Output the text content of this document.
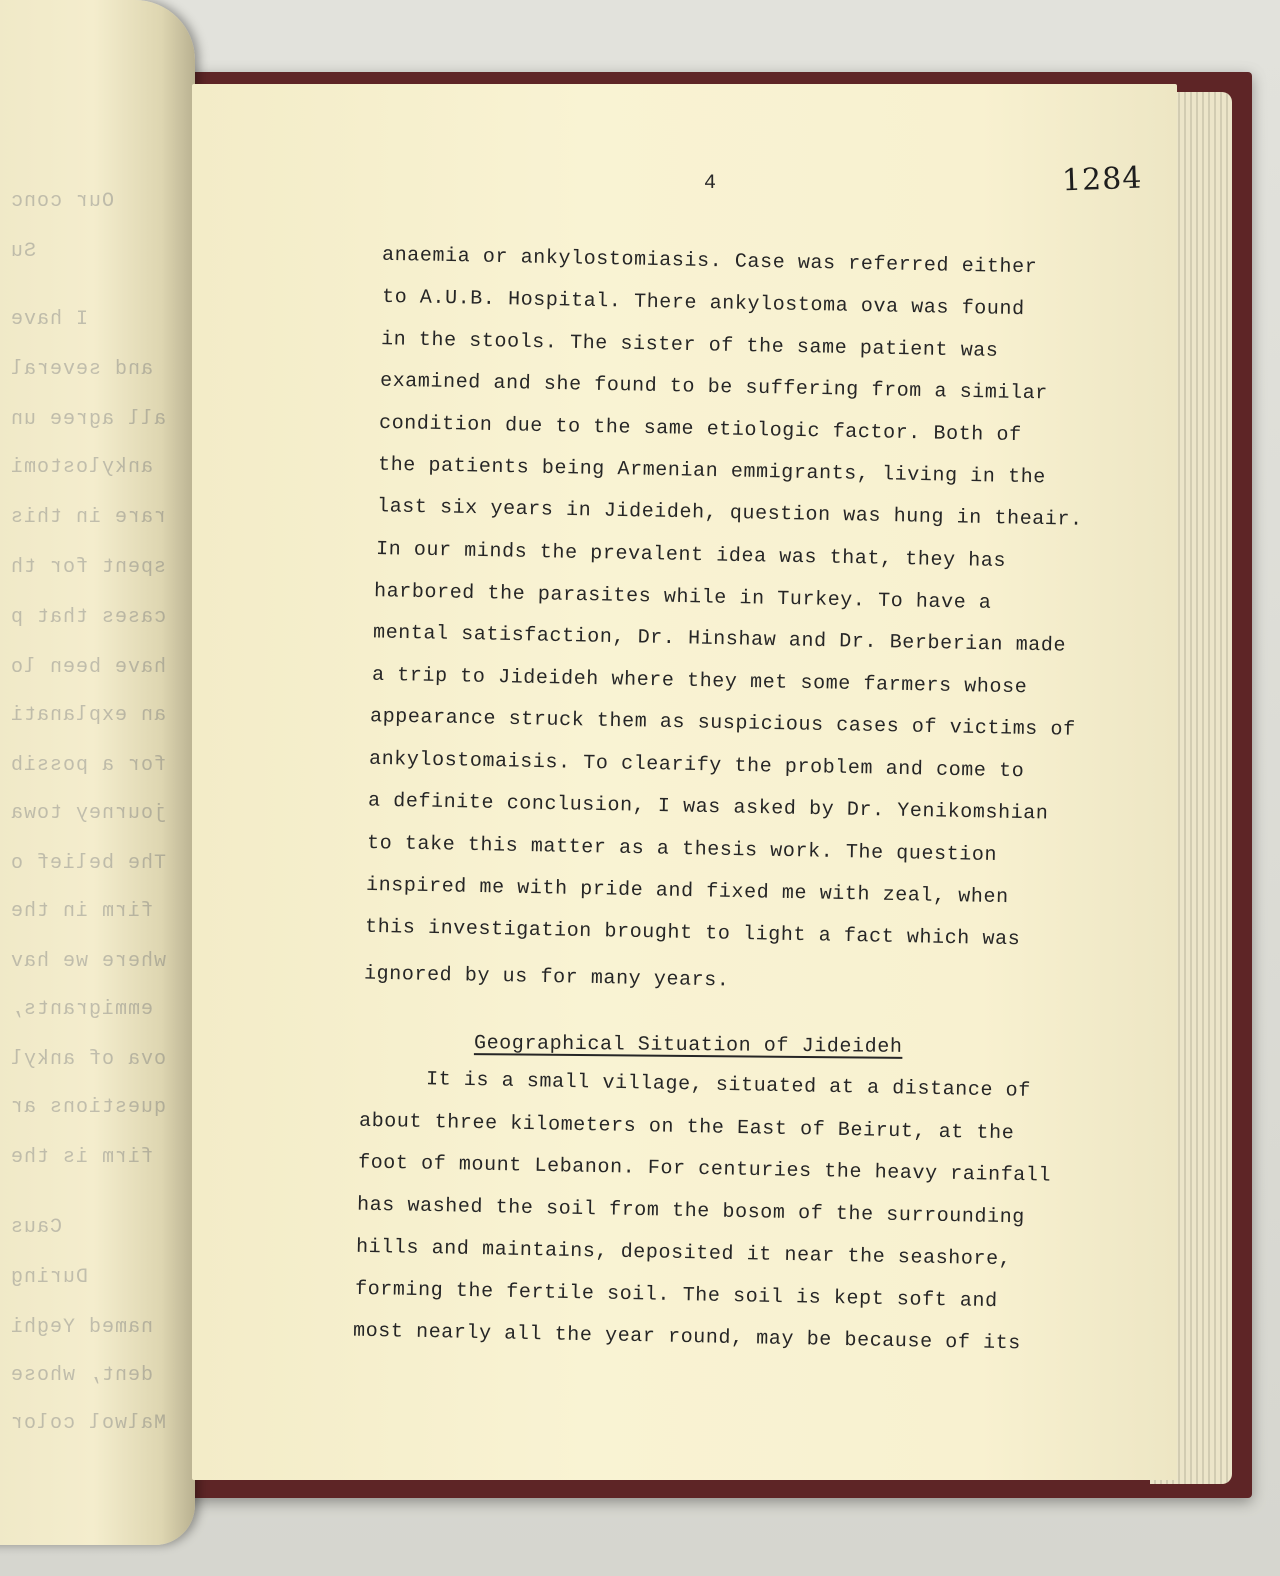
Our conc
Su
I have
and several
all agree un
ankylostomi
rare in this
spent for th
cases that p
have been lo
an explanati
for a possib
journey towa
The belief o
firm in the
where we hav
emmigrants,
ova of ankyl
questions ar
firm is the
Caus
During
named Yeghi
dent, whose
Malwol color
4	1284
anaemia or ankylostomiasis. Case was referred either
to A.U.B. Hospital. There ankylostoma ova was found
in the stools. The sister of the same patient was
examined and she found to be suffering from a similar
condition due to the same etiologic factor. Both of
the patients being Armenian emmigrants, living in the
last six years in Jideideh, question was hung in theair.
In our minds the prevalent idea was that, they has
harbored the parasites while in Turkey. To have a
mental satisfaction, Dr. Hinshaw and Dr. Berberian made
a trip to Jideideh where they met some farmers whose
appearance struck them as suspicious cases of victims of
ankylostomaisis. To clearify the problem and come to
a definite conclusion, I was asked by Dr. Yenikomshian
to take this matter as a thesis work. The question
inspired me with pride and fixed me with zeal, when
this investigation brought to light a fact which was
ignored by us for many years.
Geographical Situation of Jideideh
It is a small village, situated at a distance of
about three kilometers on the East of Beirut, at the
foot of mount Lebanon. For centuries the heavy rainfall
has washed the soil from the bosom of the surrounding
hills and maintains, deposited it near the seashore,
forming the fertile soil. The soil is kept soft and
most nearly all the year round, may be because of its
